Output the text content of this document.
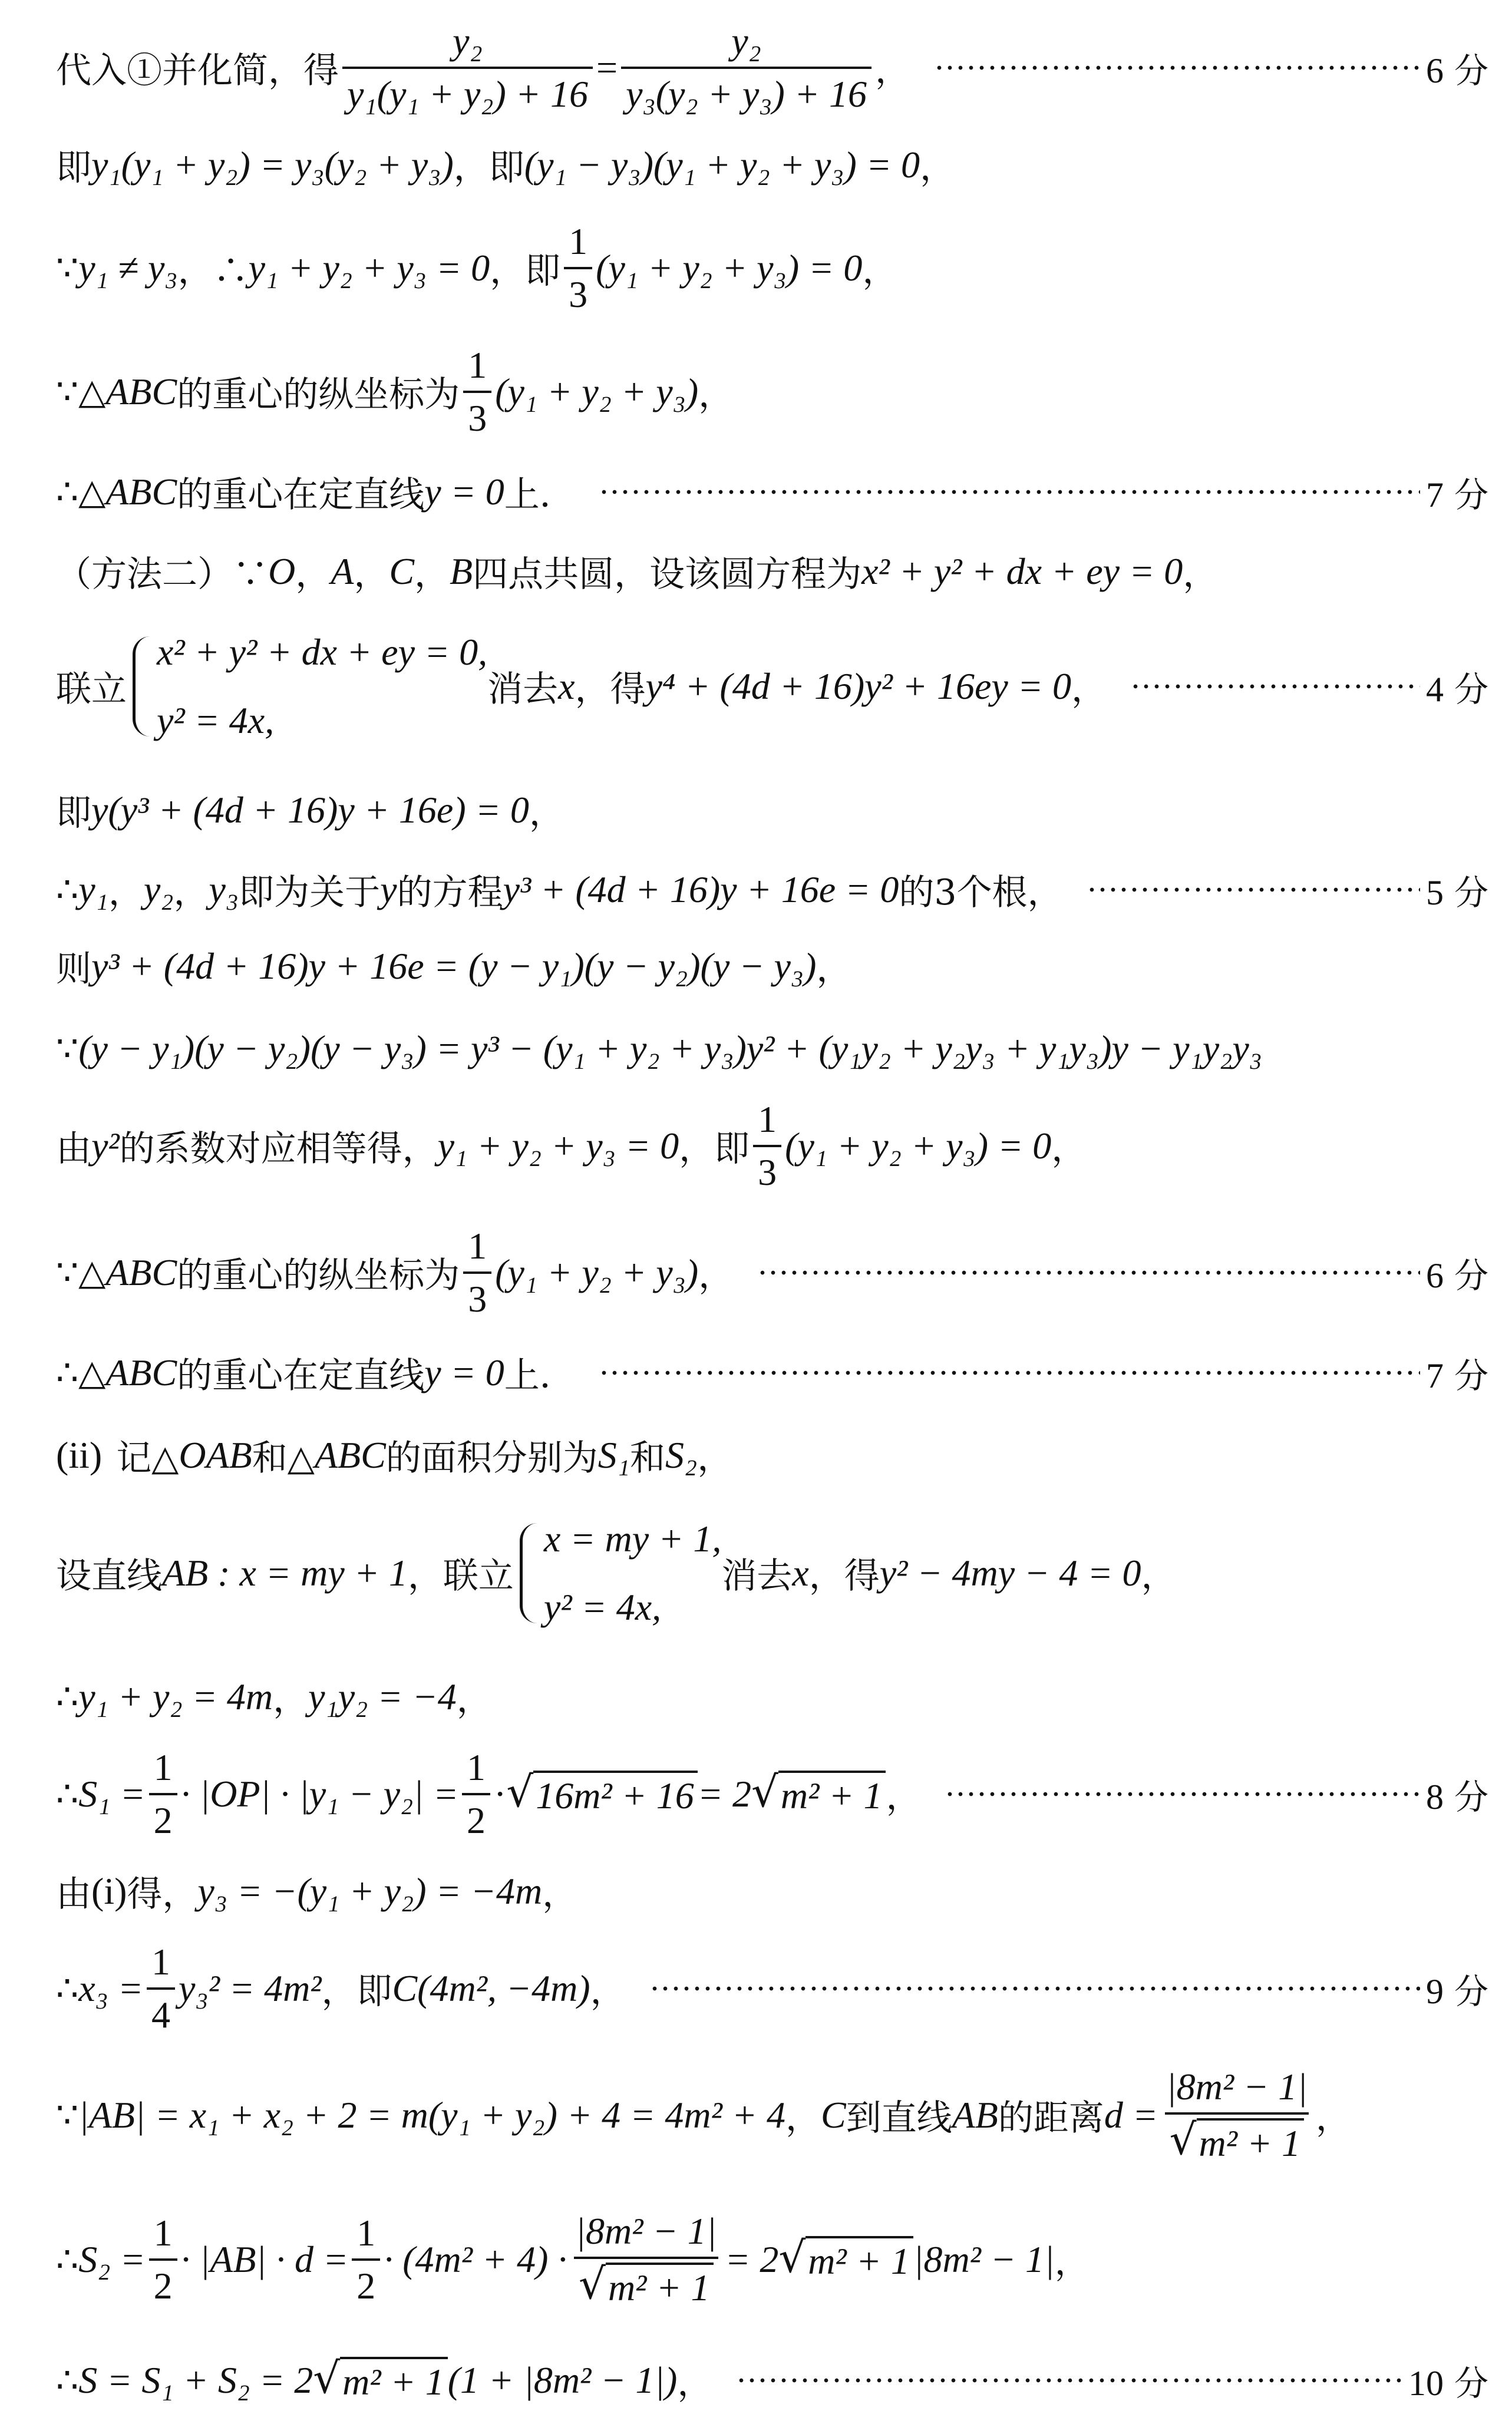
代入①并化简，得 $\frac{\text{y₂}}{\text{y₁(y₁ + y₂) + 16}} = \frac{\text{y₂}}{\text{y₃(y₂ + y₃) + 16}}$ ，	6 分
即 y₁(y₁ + y₂) = y₃(y₂ + y₃) ，即 (y₁ − y₃)(y₁ + y₂ + y₃) = 0 ，
∵ y₁ ≠ y₃ ，∴ y₁ + y₂ + y₃ = 0 ，即 $\frac{1}{3} (y_1 + y_2 + y_3) = 0$ ，
∵△ ABC 的重心的纵坐标为 $\frac{1}{3} (y_1 + y_2 + y_3)$ ，
∴△ ABC 的重心在定直线 y = 0 上．	7 分
（方法二）∵ O ， A ， C ， B 四点共圆，设该圆方程为 x² + y² + dx + ey = 0 ，
联立
x² + y² + dx + ey = 0,
y² = 4x,
消去 x ，得 y⁴ + (4d + 16)y² + 16ey = 0 ，	4 分
即 y(y³ + (4d + 16)y + 16e) = 0 ，
∴ y₁ ， y₂ ， y₃ 即为关于 y 的方程 y³ + (4d + 16)y + 16e = 0 的3个根，	5 分
则 y³ + (4d + 16)y + 16e = (y − y₁)(y − y₂)(y − y₃) ，
∵ (y − y₁)(y − y₂)(y − y₃) = y³ − (y₁ + y₂ + y₃)y² + (y₁y₂ + y₂y₃ + y₁y₃)y − y₁y₂y₃
由 y² 的系数对应相等得， y₁ + y₂ + y₃ = 0 ，即 $\frac{1}{3} (y_1 + y_2 + y_3) = 0$ ，
∵△ ABC 的重心的纵坐标为 $\frac{1}{3} (y_1 + y_2 + y_3)$ ，	6 分
∴△ ABC 的重心在定直线 y = 0 上．	7 分
(ii) 记△ OAB 和△ ABC 的面积分别为 S₁ 和 S₂ ，
设直线 AB : x = my + 1 ，联立
x = my + 1,
y² = 4x,
消去 x ，得 y² − 4my − 4 = 0 ，
∴ y₁ + y₂ = 4m ， y₁y₂ = −4 ，
∴ $S_1 = \frac{1}{2} \cdot |OP| \cdot |y_1 - y_2| = \frac{1}{2}$ · √ 16m² + 16 = 2 √ m² + 1 ，	8 分
由 (i) 得， y₃ = −(y₁ + y₂) = −4m ，
∴ $x_3 = \frac{1}{4} y_3^2 = 4m^2$ ，即 C(4m², −4m) ，	9 分
∵ |AB| = x₁ + x₂ + 2 = m(y₁ + y₂) + 4 = 4m² + 4 ， C 到直线 AB 的距离 $d = \frac{\text{|8m² − 1|}}{\text{√ m² + 1}}$ ，
∴ $S_2 = \frac{1}{2} \cdot |AB| \cdot d = \frac{1}{2} \cdot (4m^2 + 4) \cdot \frac{\text{|8m² − 1|}}{\text{√ m² + 1}} = 2$ √ m² + 1 |8m² − 1| ，
∴ S = S₁ + S₂ = 2 √ m² + 1 (1 + |8m² − 1|) ，	10 分
